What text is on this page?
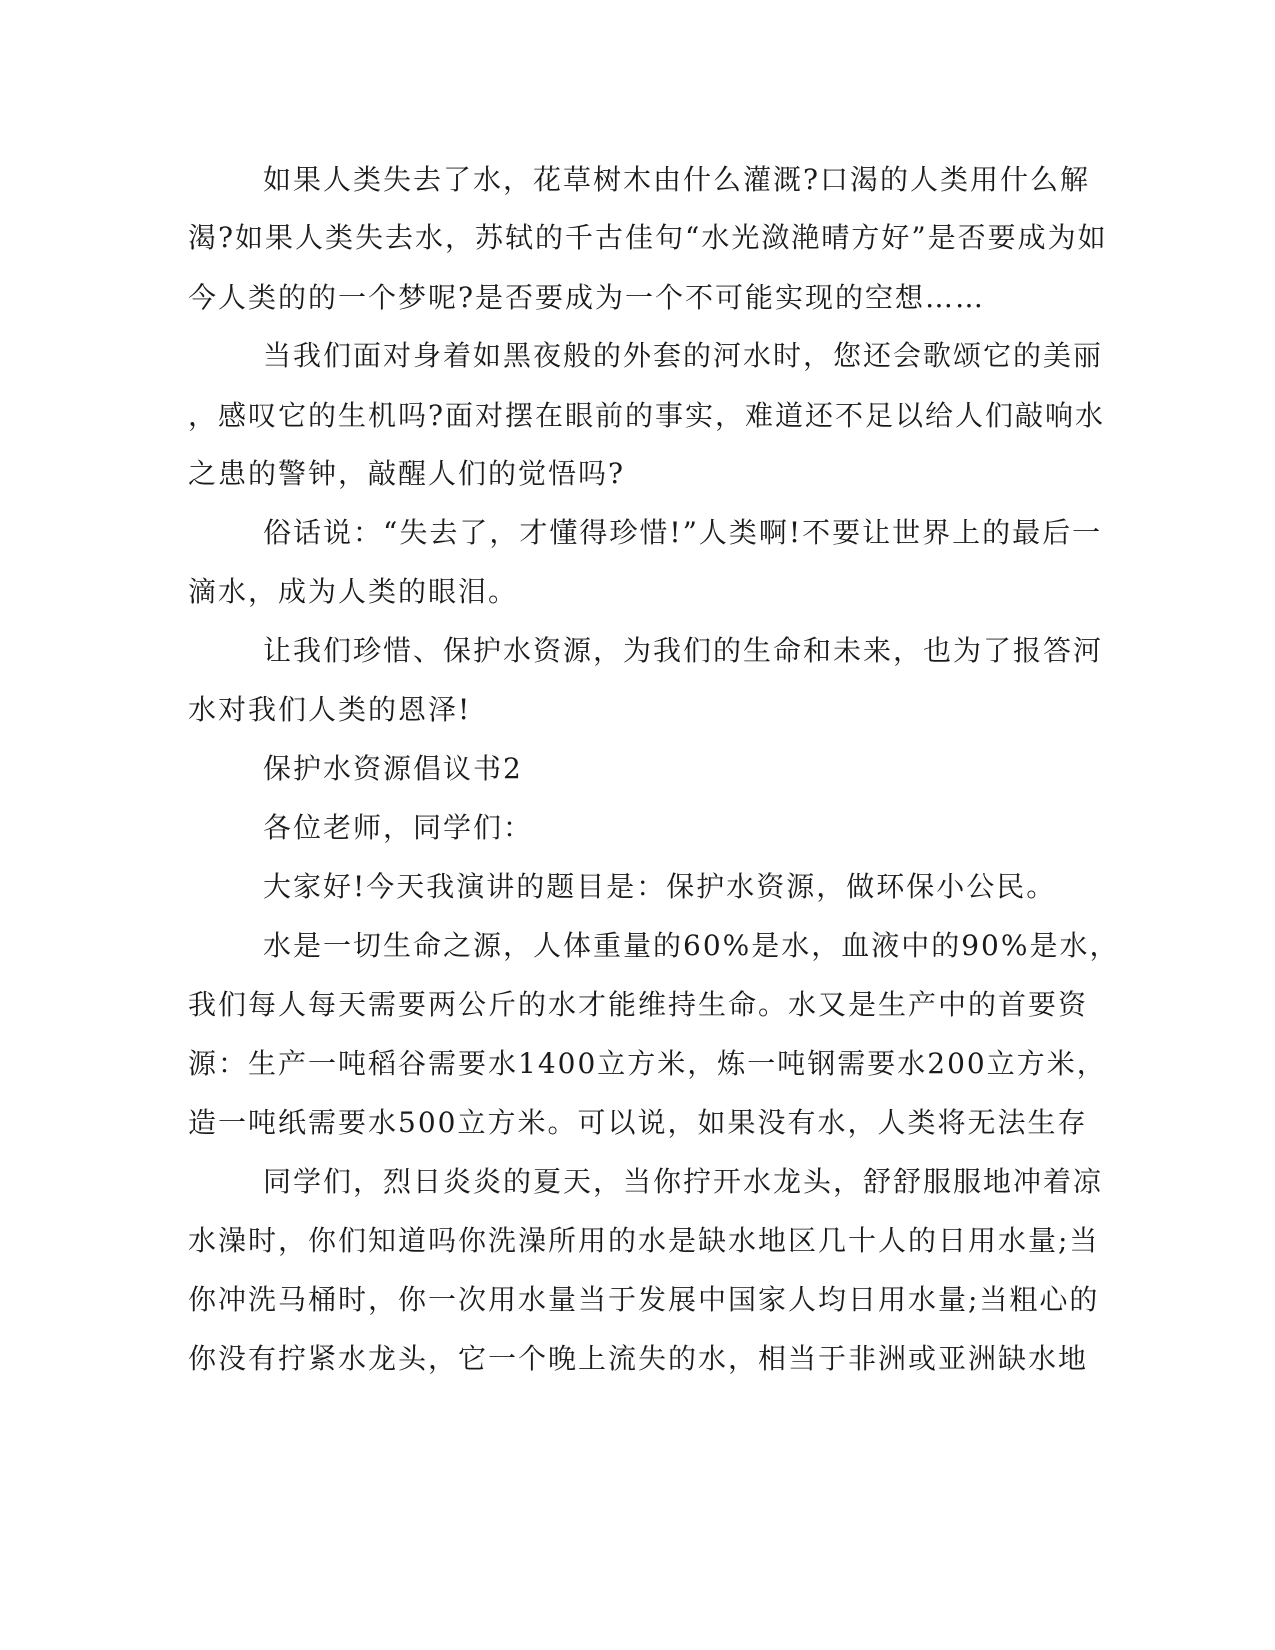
如果人类失去了水，花草树木由什么灌溉?口渴的人类用什么解
渴?如果人类失去水，苏轼的千古佳句“水光潋滟晴方好”是否要成为如
今人类的的一个梦呢?是否要成为一个不可能实现的空想……
当我们面对身着如黑夜般的外套的河水时，您还会歌颂它的美丽
，感叹它的生机吗?面对摆在眼前的事实，难道还不足以给人们敲响水
之患的警钟，敲醒人们的觉悟吗?
俗话说：“失去了，才懂得珍惜!”人类啊!不要让世界上的最后一
滴水，成为人类的眼泪。
让我们珍惜、保护水资源，为我们的生命和未来，也为了报答河
水对我们人类的恩泽!
保护水资源倡议书2
各位老师，同学们：
大家好!今天我演讲的题目是：保护水资源，做环保小公民。
水是一切生命之源，人体重量的60%是水，血液中的90%是水，
我们每人每天需要两公斤的水才能维持生命。水又是生产中的首要资
源：生产一吨稻谷需要水1400立方米，炼一吨钢需要水200立方米，
造一吨纸需要水500立方米。可以说，如果没有水，人类将无法生存
同学们，烈日炎炎的夏天，当你拧开水龙头，舒舒服服地冲着凉
水澡时，你们知道吗你洗澡所用的水是缺水地区几十人的日用水量;当
你冲洗马桶时，你一次用水量当于发展中国家人均日用水量;当粗心的
你没有拧紧水龙头，它一个晚上流失的水，相当于非洲或亚洲缺水地
